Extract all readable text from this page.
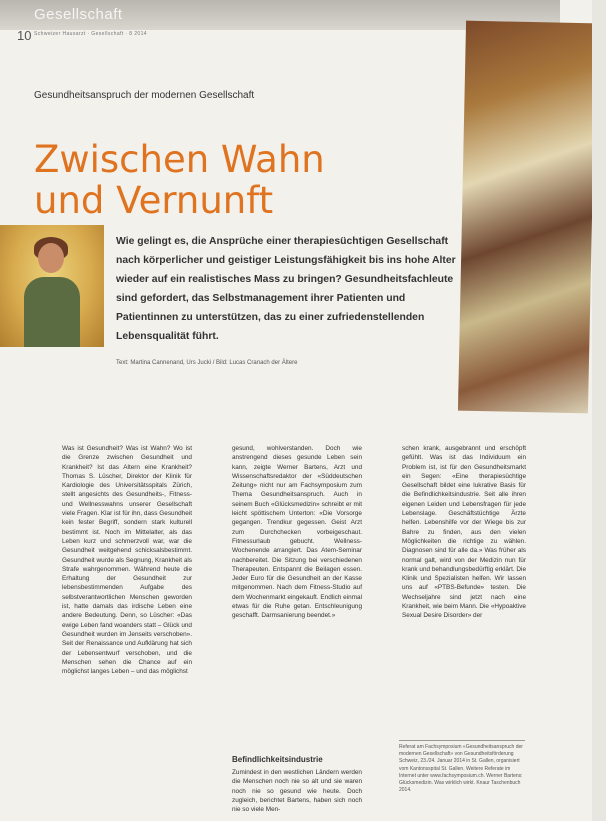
Gesellschaft
10 Schweizer Hausarzt · Gesellschaft · 8 2014
Gesundheitsanspruch der modernen Gesellschaft
Zwischen Wahn
und Vernunft
Wie gelingt es, die Ansprüche einer therapiesüchtigen Gesellschaft nach körperlicher und geistiger Leistungsfähigkeit bis ins hohe Alter wieder auf ein realistisches Mass zu bringen? Gesundheitsfachleute sind gefordert, das Selbstmanagement ihrer Patienten und Patientinnen zu unterstützen, das zu einer zufriedenstellenden Lebensqualität führt.
Text: Martina Cannenand, Urs Jucki / Bild: Lucas Cranach der Ältere
Was ist Gesundheit? Was ist Wahn? Wo ist die Grenze zwischen Gesundheit und Krankheit? Ist das Altern eine Krankheit? Thomas S. Lüscher, Direktor der Klinik für Kardiologie des Universitätsspitals Zürich, stellt angesichts des Gesundheits-, Fitness- und Wellnesswahns unserer Gesellschaft viele Fragen. Klar ist für ihn, dass Gesundheit kein fester Begriff, sondern stark kulturell bestimmt ist. Noch im Mittelalter, als das Leben kurz und schmerzvoll war, war die Gesundheit weitgehend schicksalsbestimmt. Gesundheit wurde als Segnung, Krankheit als Strafe wahrgenommen. Während heute die Erhaltung der Gesundheit zur lebensbestimmenden Aufgabe des selbstverantwortlichen Menschen geworden ist, hatte damals das irdische Leben eine andere Bedeutung. Denn, so Lüscher: «Das ewige Leben fand woanders statt – Glück und Gesundheit wurden im Jenseits verschoben». Seit der Renaissance und Aufklärung hat sich der Lebensentwurf verschoben, und die Menschen sehen die Chance auf ein möglichst langes Leben – und das möglichst
gesund, wohlverstanden. Doch wie anstrengend dieses gesunde Leben sein kann, zeigte Werner Bartens, Arzt und Wissenschaftsredaktor der «Süddeutschen Zeitung» nicht nur am Fachsymposium zum Thema Gesundheitsanspruch. Auch in seinem Buch «Glücksmedizin» schreibt er mit leicht spöttischem Unterton: «Die Vorsorge gegangen. Trendkur gegessen. Geist Arzt zum Durchchecken vorbeigeschaut. Fitnessurlaub gebucht. Wellness-Wochenende arrangiert. Das Atem-Seminar nachbereitet. Die Sitzung bei verschiedenen Therapeuten. Entspannt die Beilagen essen. Jeder Euro für die Gesundheit an der Kasse mitgenommen. Nach dem Fitness-Studio auf dem Wochenmarkt eingekauft. Endlich einmal etwas für die Ruhe getan. Entschleunigung geschafft. Darmsanierung beendet.»
Befindlichkeitsindustrie
Zumindest in den westlichen Ländern werden die Menschen noch nie so alt und sie waren noch nie so gesund wie heute. Doch zugleich, berichtet Bartens, haben sich noch nie so viele Men-
schen krank, ausgebrannt und erschöpft gefühlt. Was ist das Individuum ein Problem ist, ist für den Gesundheitsmarkt ein Segen: «Eine therapiesüchtige Gesellschaft bildet eine lukrative Basis für die Befindlichkeitsindustrie. Seit alle ihren eigenen Leiden und Lebensfragen für jede Lebenslage. Geschäftstüchtige Ärzte helfen. Lebenshilfe vor der Wiege bis zur Bahre zu finden, aus den vielen Möglichkeiten die richtige zu wählen. Diagnosen sind für alle da.» Was früher als normal galt, wird von der Medizin nun für krank und behandlungsbedürftig erklärt. Die Klinik und Spezialisten helfen. Wir lassen uns auf «PTBS-Befunde» testen. Die Wechseljahre sind jetzt nach eine Krankheit, wie beim Mann. Die «Hypoaktive Sexual Desire Disorder» der
Referat am Fachsymposium «Gesundheitsanspruch der modernen Gesellschaft» von Gesundheitsförderung Schweiz, 23./24. Januar 2014 in St. Gallen, organisiert vom Kantonsspital St. Gallen. Weitere Referate im Internet unter www.fachsymposium.ch. Werner Bartens: Glücksmedizin. Was wirklich wirkt. Knaur Taschenbuch 2014.
